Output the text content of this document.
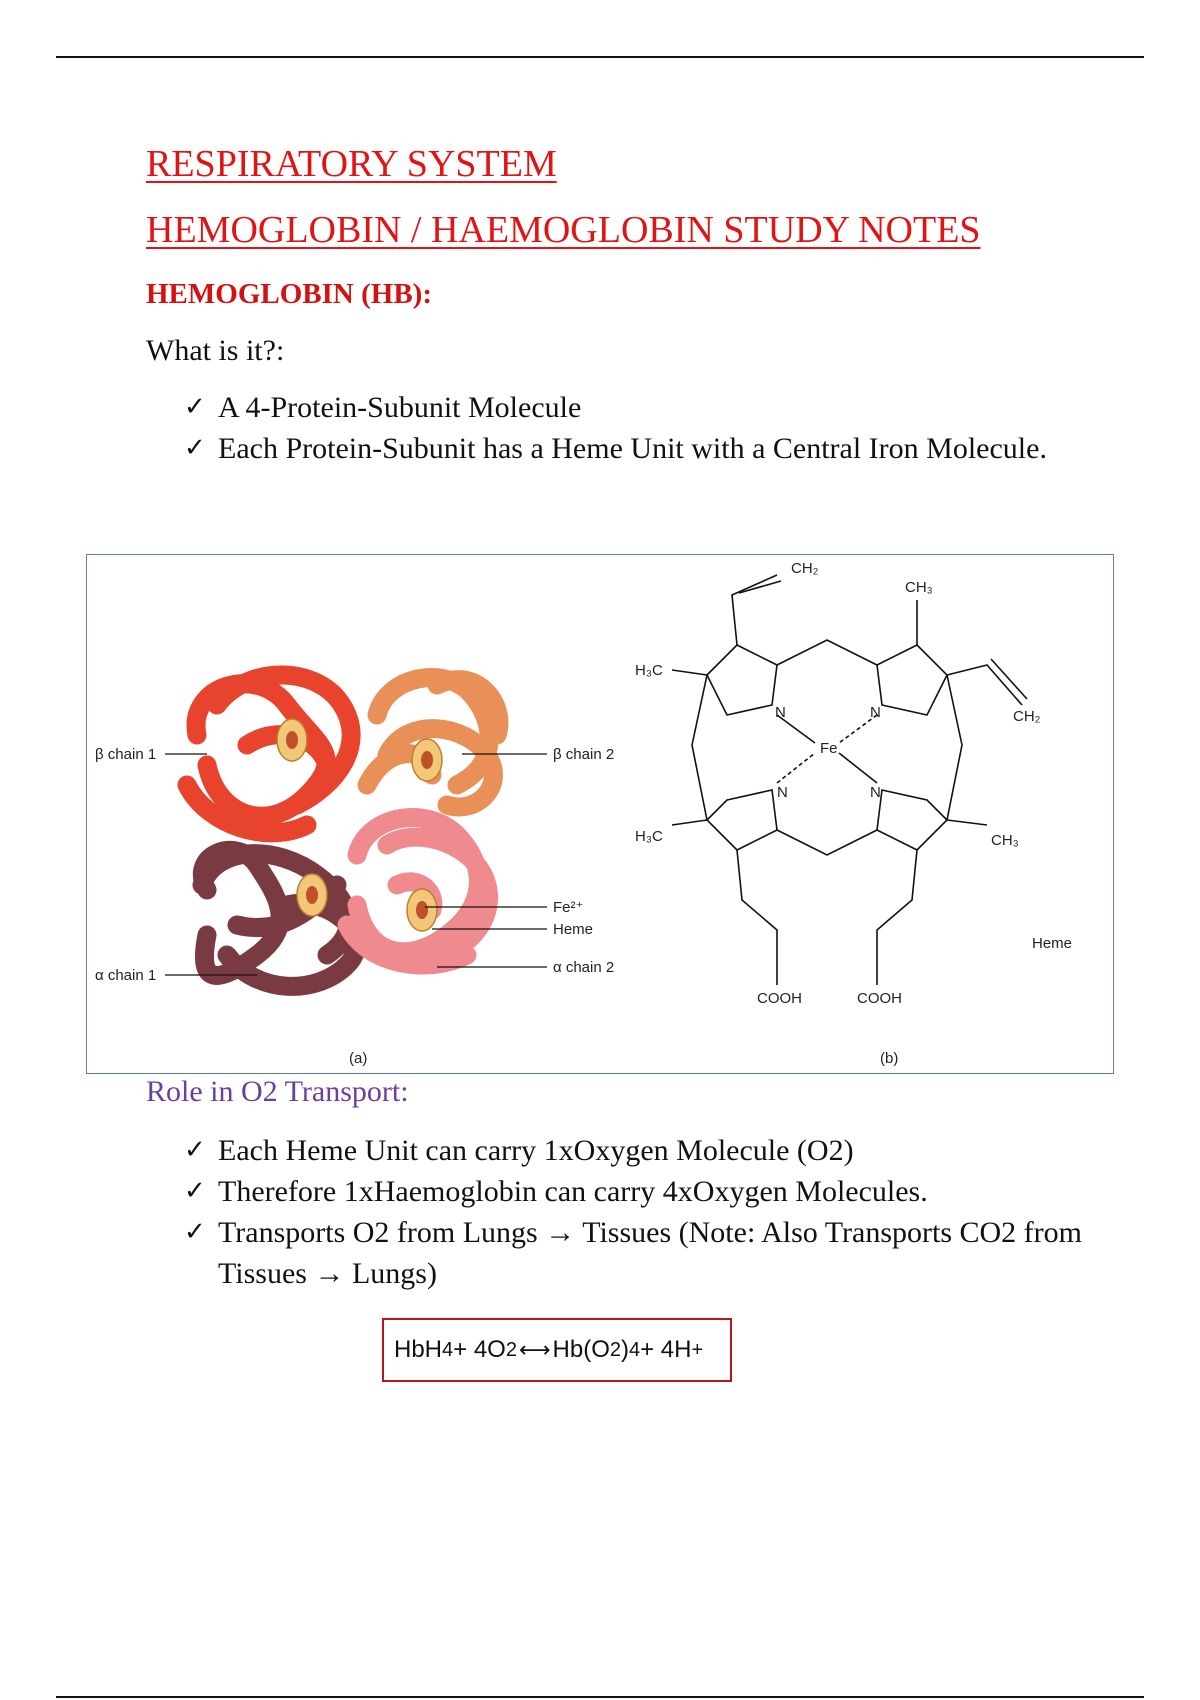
RESPIRATORY SYSTEM
HEMOGLOBIN / HAEMOGLOBIN STUDY NOTES
HEMOGLOBIN (HB):

What is it?:

✓ A 4-Protein-Subunit Molecule
✓ Each Protein-Subunit has a Heme Unit with a Central Iron Molecule.
β chain 1	β chain 2
Fe²⁺
Heme
α chain 1	α chain 2
(a)
CH₂
CH₃
CH₂
H₃C
H₃C	CH₃
N	N
N	N
Fe
COOH	COOH
Heme
(b)

Role in O2 Transport:

✓ Each Heme Unit can carry 1xOxygen Molecule (O2)
✓ Therefore 1xHaemoglobin can carry 4xOxygen Molecules.
✓ Transports O2 from Lungs → Tissues (Note: Also Transports CO2 from Tissues → Lungs)
HbH 4 + 4O 2 ⟷ Hb(O 2 ) 4 + 4H +
